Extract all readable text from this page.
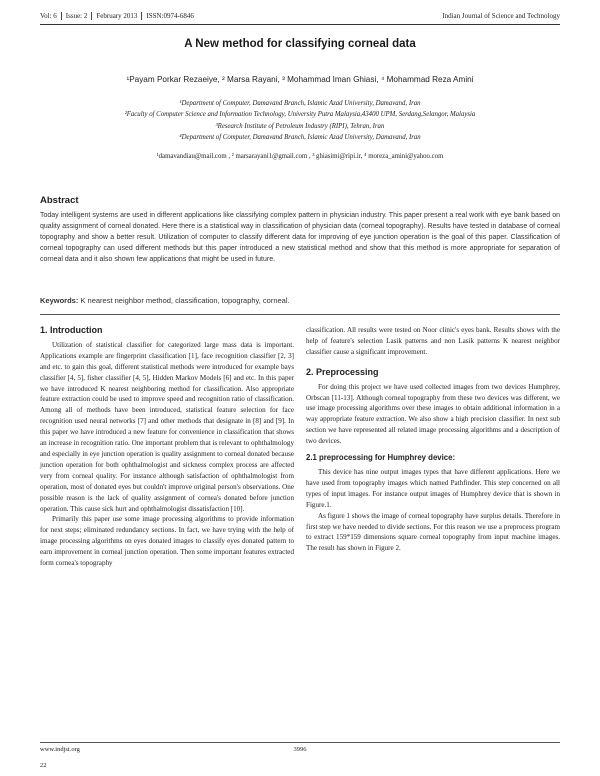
Vol: 6	Issue: 2	February 2013	ISSN:0974-6846	Indian Journal of Science and Technology
A New method for classifying corneal data
¹Payam Porkar Rezaeiye, ² Marsa Rayani, ³ Mohammad Iman Ghiasi, ⁴ Mohammad Reza Amini
¹Department of Computer, Damavand Branch, Islamic Azad University, Damavand, Iran
²Faculty of Computer Science and Information Technology, University Putra Malaysia,43400 UPM, Serdang,Selangor, Malaysia
³Research Institute of Petroleum Industry (RIPI), Tehran, Iran
⁴Department of Computer, Damavand Branch, Islamic Azad University, Damavand, Iran
¹damavandiau@mail.com , ² marsarayani1@gmail.com , ³ ghiasimi@ripi.ir, ⁴ moreza_amini@yahoo.com
Abstract
Today intelligent systems are used in different applications like classifying complex pattern in physician industry. This paper present a real work with eye bank based on quality assignment of corneal donated. Here there is a statistical way in classification of physician data (corneal topography). Results have tested in database of corneal topography and show a better result. Utilization of computer to classify different data for improving of eye junction operation is the goal of this paper. Classification of corneal topography can used different methods but this paper introduced a new statistical method and show that this method is more appropriate for separation of corneal data and it also shown few applications that might be used in future.
Keywords: K nearest neighbor method, classification, topography, corneal.
1. Introduction

Utilization of statistical classifier for categorized large mass data is important. Applications example are fingerprint classification [1], face recognition classifier [2, 3] and etc. to gain this goal, different statistical methods were introduced for example bays classifier [4, 5], fisher classifier [4, 5], Hidden Markov Models [6] and etc. In this paper we have introduced K nearest neighboring method for classification. Also appropriate feature extraction could be used to improve speed and recognition ratio of classification. Among all of methods have been introduced, statistical feature selection for face recognition used neural networks [7] and other methods that designate in [8] and [9]. In this paper we have introduced a new feature for convenience in classification that shows an increase in recognition ratio. One important problem that is relevant to ophthalmology and especially in eye junction operation is quality assignment to corneal donated because junction operation for both ophthalmologist and sickness complex process are affected very from corneal quality. For instance although satisfaction of ophthalmologist from operation, most of donated eyes but couldn't improve original person's observations. One possible reason is the lack of quality assignment of cornea's donated before junction operation. This cause sick hurt and ophthalmologist dissatisfaction [10].

Primarily this paper use some image processing algorithms to provide information for next steps; eliminated redundancy sections. In fact, we have trying with the help of image processing algorithms on eyes donated images to classify eyes donated pattern to earn improvement in corneal junction operation. Then some important features extracted form cornea's topography

classification. All results were tested on Noor clinic's eyes bank. Results shows with the help of feature's selection Lasik patterns and non Lasik patterns K nearest neighbor classifier cause a significant improvement.

2. Preprocessing

For doing this project we have used collected images from two devices Humphrey, Orbscan [11-13]. Although corneal topography from these two devices was different, we use image processing algorithms over these images to obtain additional information in a way appropriate feature extraction. We also show a high precision classifier. In next sub section we have represented all related image processing algorithms and a description of two devices.

2.1 preprocessing for Humphrey device:

This device has nine output images types that have different applications. Here we have used from topography images which named Pathfinder. This step concerned on all types of input images. For instance output images of Humphrey device that is shown in Figure.1.

As figure 1 shows the image of corneal topography have surplus details. Therefore in first step we have needed to divide sections. For this reason we use a preprocess program to extract 159*159 dimensions square corneal topography from input machine images. The result has shown in Figure 2.

www.indjst.org	3996
22
